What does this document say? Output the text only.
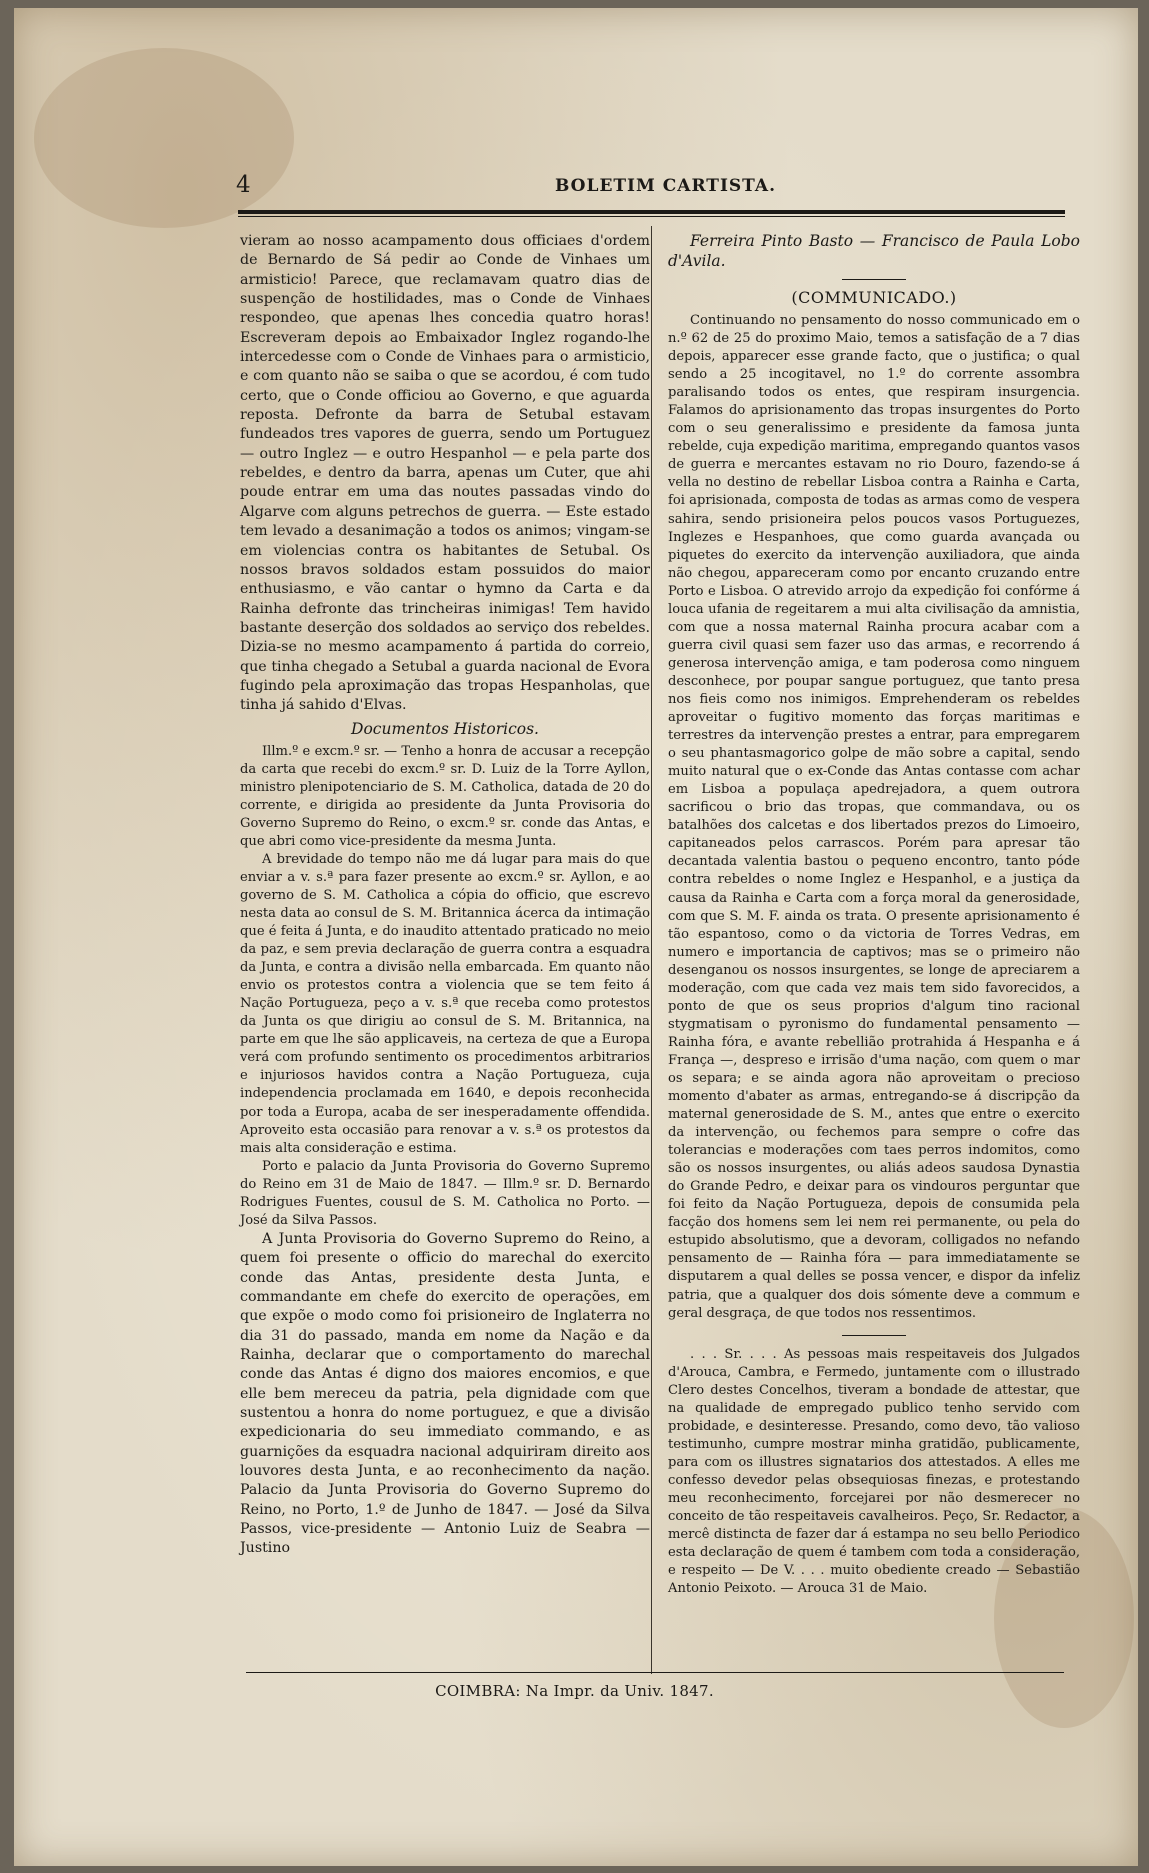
4	BOLETIM CARTISTA.

vieram ao nosso acampamento dous officiaes d'ordem de Bernardo de Sá pedir ao Conde de Vinhaes um armisticio! Parece, que reclamavam quatro dias de suspenção de hostilidades, mas o Conde de Vinhaes respondeo, que apenas lhes concedia quatro horas! Escreveram depois ao Embaixador Inglez rogando-lhe intercedesse com o Conde de Vinhaes para o armisticio, e com quanto não se saiba o que se acordou, é com tudo certo, que o Conde officiou ao Governo, e que aguarda reposta. Defronte da barra de Setubal estavam fundeados tres vapores de guerra, sendo um Portuguez — outro Inglez — e outro Hespanhol — e pela parte dos rebeldes, e dentro da barra, apenas um Cuter, que ahi poude entrar em uma das noutes passadas vindo do Algarve com alguns petrechos de guerra. — Este estado tem levado a desanimação a todos os animos; vingam-se em violencias contra os habitantes de Setubal. Os nossos bravos soldados estam possuidos do maior enthusiasmo, e vão cantar o hymno da Carta e da Rainha defronte das trincheiras inimigas! Tem havido bastante deserção dos soldados ao serviço dos rebeldes. Dizia-se no mesmo acampamento á partida do correio, que tinha chegado a Setubal a guarda nacional de Evora fugindo pela aproximação das tropas Hespanholas, que tinha já sahido d'Elvas.

Documentos Historicos.

Illm.º e excm.º sr. — Tenho a honra de accusar a recepção da carta que recebi do excm.º sr. D. Luiz de la Torre Ayllon, ministro plenipotenciario de S. M. Catholica, datada de 20 do corrente, e dirigida ao presidente da Junta Provisoria do Governo Supremo do Reino, o excm.º sr. conde das Antas, e que abri como vice-presidente da mesma Junta.

A brevidade do tempo não me dá lugar para mais do que enviar a v. s.ª para fazer presente ao excm.º sr. Ayllon, e ao governo de S. M. Catholica a cópia do officio, que escrevo nesta data ao consul de S. M. Britannica ácerca da intimação que é feita á Junta, e do inaudito attentado praticado no meio da paz, e sem previa declaração de guerra contra a esquadra da Junta, e contra a divisão nella embarcada. Em quanto não envio os protestos contra a violencia que se tem feito á Nação Portugueza, peço a v. s.ª que receba como protestos da Junta os que dirigiu ao consul de S. M. Britannica, na parte em que lhe são applicaveis, na certeza de que a Europa verá com profundo sentimento os procedimentos arbitrarios e injuriosos havidos contra a Nação Portugueza, cuja independencia proclamada em 1640, e depois reconhecida por toda a Europa, acaba de ser inesperadamente offendida. Aproveito esta occasião para renovar a v. s.ª os protestos da mais alta consideração e estima.

Porto e palacio da Junta Provisoria do Governo Supremo do Reino em 31 de Maio de 1847. — Illm.º sr. D. Bernardo Rodrigues Fuentes, cousul de S. M. Catholica no Porto. — José da Silva Passos.

A Junta Provisoria do Governo Supremo do Reino, a quem foi presente o officio do marechal do exercito conde das Antas, presidente desta Junta, e commandante em chefe do exercito de operações, em que expõe o modo como foi prisioneiro de Inglaterra no dia 31 do passado, manda em nome da Nação e da Rainha, declarar que o comportamento do marechal conde das Antas é digno dos maiores encomios, e que elle bem mereceu da patria, pela dignidade com que sustentou a honra do nome portuguez, e que a divisão expedicionaria do seu immediato commando, e as guarnições da esquadra nacional adquiriram direito aos louvores desta Junta, e ao reconhecimento da nação. Palacio da Junta Provisoria do Governo Supremo do Reino, no Porto, 1.º de Junho de 1847. — José da Silva Passos, vice-presidente — Antonio Luiz de Seabra — Justino

Ferreira Pinto Basto — Francisco de Paula Lobo d'Avila.

(COMMUNICADO.)

Continuando no pensamento do nosso communicado em o n.º 62 de 25 do proximo Maio, temos a satisfação de a 7 dias depois, apparecer esse grande facto, que o justifica; o qual sendo a 25 incogitavel, no 1.º do corrente assombra paralisando todos os entes, que respiram insurgencia. Falamos do aprisionamento das tropas insurgentes do Porto com o seu generalissimo e presidente da famosa junta rebelde, cuja expedição maritima, empregando quantos vasos de guerra e mercantes estavam no rio Douro, fazendo-se á vella no destino de rebellar Lisboa contra a Rainha e Carta, foi aprisionada, composta de todas as armas como de vespera sahira, sendo prisioneira pelos poucos vasos Portuguezes, Inglezes e Hespanhoes, que como guarda avançada ou piquetes do exercito da intervenção auxiliadora, que ainda não chegou, appareceram como por encanto cruzando entre Porto e Lisboa. O atrevido arrojo da expedição foi confórme á louca ufania de regeitarem a mui alta civilisação da amnistia, com que a nossa maternal Rainha procura acabar com a guerra civil quasi sem fazer uso das armas, e recorrendo á generosa intervenção amiga, e tam poderosa como ninguem desconhece, por poupar sangue portuguez, que tanto presa nos fieis como nos inimigos. Emprehenderam os rebeldes aproveitar o fugitivo momento das forças maritimas e terrestres da intervenção prestes a entrar, para empregarem o seu phantasmagorico golpe de mão sobre a capital, sendo muito natural que o ex-Conde das Antas contasse com achar em Lisboa a populaça apedrejadora, a quem outrora sacrificou o brio das tropas, que commandava, ou os batalhões dos calcetas e dos libertados prezos do Limoeiro, capitaneados pelos carrascos. Porém para apresar tão decantada valentia bastou o pequeno encontro, tanto póde contra rebeldes o nome Inglez e Hespanhol, e a justiça da causa da Rainha e Carta com a força moral da generosidade, com que S. M. F. ainda os trata. O presente aprisionamento é tão espantoso, como o da victoria de Torres Vedras, em numero e importancia de captivos; mas se o primeiro não desenganou os nossos insurgentes, se longe de apreciarem a moderação, com que cada vez mais tem sido favorecidos, a ponto de que os seus proprios d'algum tino racional stygmatisam o pyronismo do fundamental pensamento — Rainha fóra, e avante rebellião protrahida á Hespanha e á França —, despreso e irrisão d'uma nação, com quem o mar os separa; e se ainda agora não aproveitam o precioso momento d'abater as armas, entregando-se á discripção da maternal generosidade de S. M., antes que entre o exercito da intervenção, ou fechemos para sempre o cofre das tolerancias e moderações com taes perros indomitos, como são os nossos insurgentes, ou aliás adeos saudosa Dynastia do Grande Pedro, e deixar para os vindouros perguntar que foi feito da Nação Portugueza, depois de consumida pela facção dos homens sem lei nem rei permanente, ou pela do estupido absolutismo, que a devoram, colligados no nefando pensamento de — Rainha fóra — para immediatamente se disputarem a qual delles se possa vencer, e dispor da infeliz patria, que a qualquer dos dois sómente deve a commum e geral desgraça, de que todos nos ressentimos.

. . . Sr. . . . As pessoas mais respeitaveis dos Julgados d'Arouca, Cambra, e Fermedo, juntamente com o illustrado Clero destes Concelhos, tiveram a bondade de attestar, que na qualidade de empregado publico tenho servido com probidade, e desinteresse. Presando, como devo, tão valioso testimunho, cumpre mostrar minha gratidão, publicamente, para com os illustres signatarios dos attestados. A elles me confesso devedor pelas obsequiosas finezas, e protestando meu reconhecimento, forcejarei por não desmerecer no conceito de tão respeitaveis cavalheiros. Peço, Sr. Redactor, a mercê distincta de fazer dar á estampa no seu bello Periodico esta declaração de quem é tambem com toda a consideração, e respeito — De V. . . . muito obediente creado — Sebastião Antonio Peixoto. — Arouca 31 de Maio.

COIMBRA: Na Impr. da Univ. 1847.
